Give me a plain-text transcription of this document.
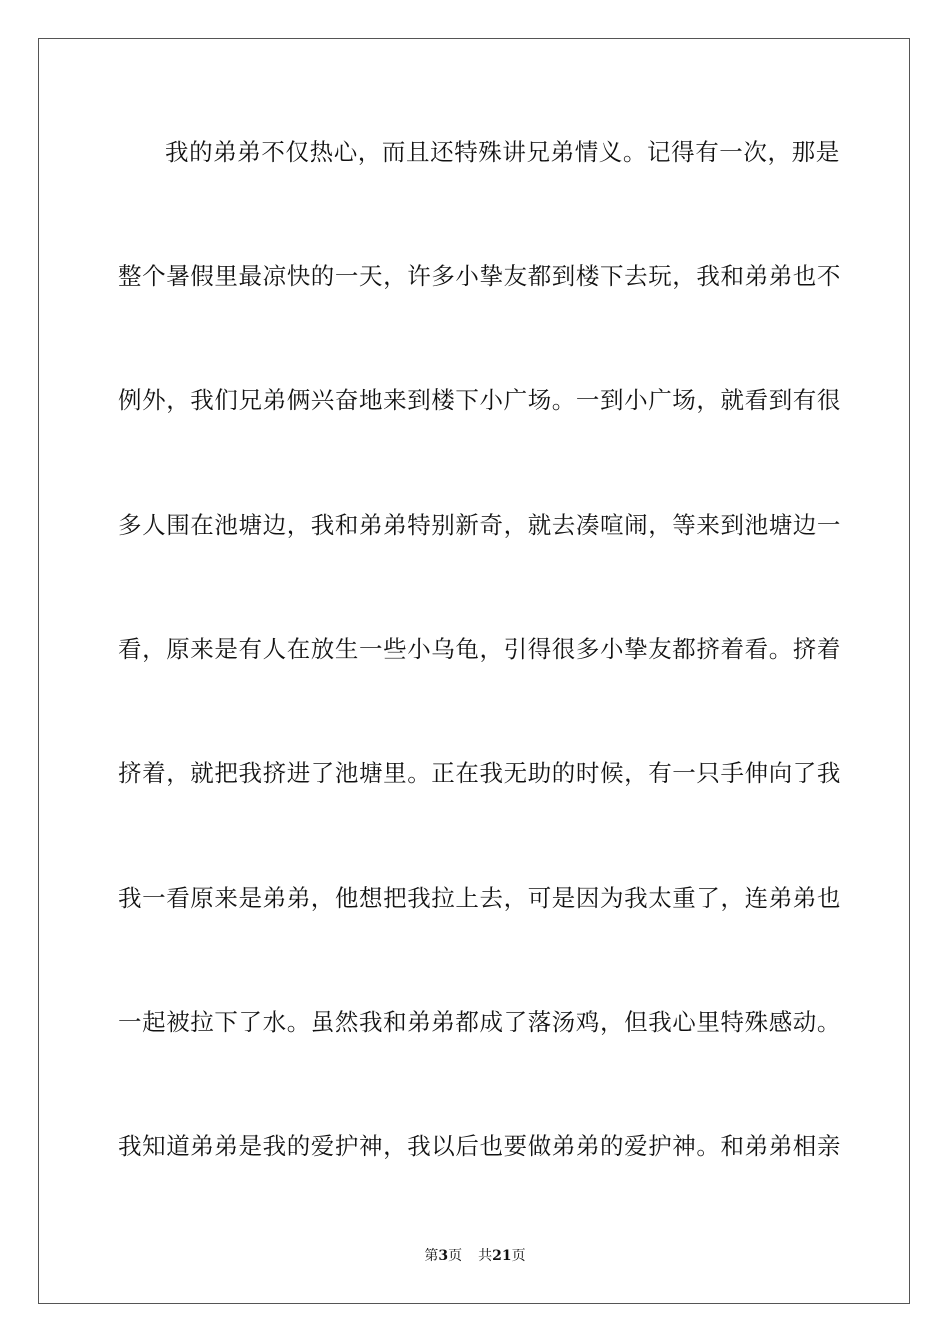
我的弟弟不仅热心，而且还特殊讲兄弟情义。记得有一次，那是
整个暑假里最凉快的一天，许多小挚友都到楼下去玩，我和弟弟也不
例外，我们兄弟俩兴奋地来到楼下小广场。一到小广场，就看到有很
多人围在池塘边，我和弟弟特别新奇，就去凑喧闹，等来到池塘边一
看，原来是有人在放生一些小乌龟，引得很多小挚友都挤着看。挤着
挤着，就把我挤进了池塘里。正在我无助的时候，有一只手伸向了我
我一看原来是弟弟，他想把我拉上去，可是因为我太重了，连弟弟也
一起被拉下了水。虽然我和弟弟都成了落汤鸡，但我心里特殊感动。
我知道弟弟是我的爱护神，我以后也要做弟弟的爱护神。和弟弟相亲
第3页 共21页
